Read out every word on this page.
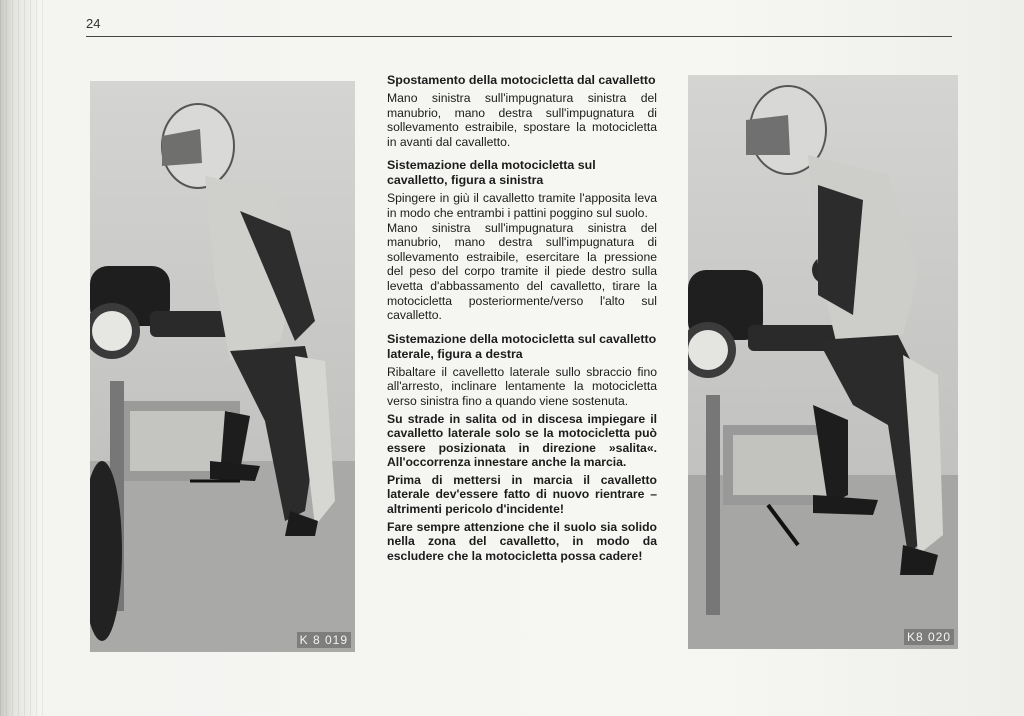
24
K 8 019
Spostamento della motocicletta dal cavalletto

Mano sinistra sull'impugnatura sinistra del manubrio, mano destra sull'impugnatura di sollevamento estraibile, spostare la motocicletta in avanti dal cavalletto.

Sistemazione della motocicletta sul cavalletto, figura a sinistra

Spingere in giù il cavalletto tramite l'apposita leva in modo che entrambi i pattini poggino sul suolo.

Mano sinistra sull'impugnatura sinistra del manubrio, mano destra sull'impugnatura di sollevamento estraibile, esercitare la pressione del peso del corpo tramite il piede destro sulla levetta d'abbassamento del cavalletto, tirare la motocicletta posteriormente/verso l'alto sul cavalletto.

Sistemazione della motocicletta sul cavalletto laterale, figura a destra

Ribaltare il cavelletto laterale sullo sbraccio fino all'arresto, inclinare lentamente la motocicletta verso sinistra fino a quando viene sostenuta.

Su strade in salita od in discesa impiegare il cavalletto laterale solo se la motocicletta può essere posizionata in direzione »salita«. All'occorrenza innestare anche la marcia.

Prima di mettersi in marcia il cavalletto laterale dev'essere fatto di nuovo rientrare – altrimenti pericolo d'incidente!

Fare sempre attenzione che il suolo sia solido nella zona del cavalletto, in modo da escludere che la motocicletta possa cadere!

K8 020
